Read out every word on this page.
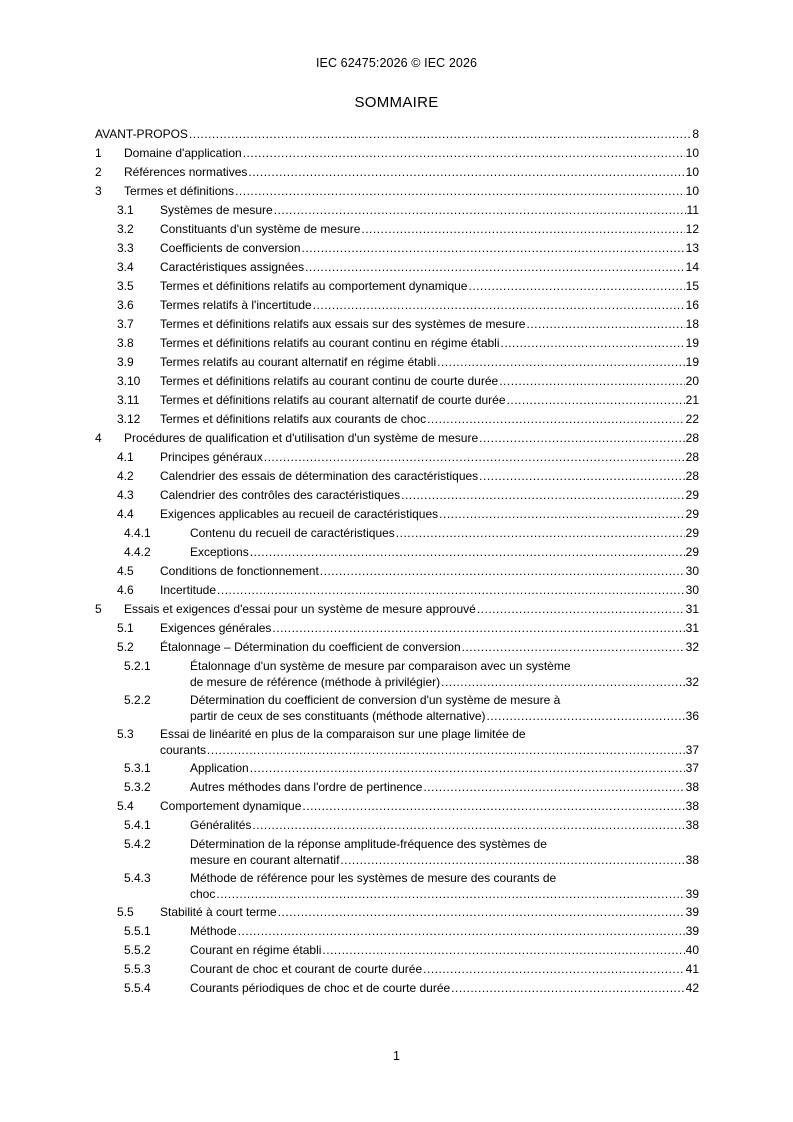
IEC 62475:2026 © IEC 2026
SOMMAIRE
AVANT-PROPOS .....	8
1 Domaine d'application .....	10
2 Références normatives .....	10
3 Termes et définitions .....	10
3.1 Systèmes de mesure .....	11
3.2 Constituants d'un système de mesure .....	12
3.3 Coefficients de conversion .....	13
3.4 Caractéristiques assignées .....	14
3.5 Termes et définitions relatifs au comportement dynamique .....	15
3.6 Termes relatifs à l'incertitude .....	16
3.7 Termes et définitions relatifs aux essais sur des systèmes de mesure .....	18
3.8 Termes et définitions relatifs au courant continu en régime établi .....	19
3.9 Termes relatifs au courant alternatif en régime établi .....	19
3.10 Termes et définitions relatifs au courant continu de courte durée .....	20
3.11 Termes et définitions relatifs au courant alternatif de courte durée .....	21
3.12 Termes et définitions relatifs aux courants de choc .....	22
4 Procédures de qualification et d'utilisation d'un système de mesure .....	28
4.1 Principes généraux .....	28
4.2 Calendrier des essais de détermination des caractéristiques .....	28
4.3 Calendrier des contrôles des caractéristiques .....	29
4.4 Exigences applicables au recueil de caractéristiques .....	29
4.4.1	Contenu du recueil de caractéristiques .....	29
4.4.2	Exceptions .....	29
4.5 Conditions de fonctionnement .....	30
4.6 Incertitude .....	30
5 Essais et exigences d'essai pour un système de mesure approuvé .....	31
5.1 Exigences générales .....	31
5.2 Étalonnage – Détermination du coefficient de conversion .....	32
5.2.1	Étalonnage d'un système de mesure par comparaison avec un système
de mesure de référence (méthode à privilégier) .....	32
5.2.2	Détermination du coefficient de conversion d'un système de mesure à
partir de ceux de ses constituants (méthode alternative) .....	36
5.3 Essai de linéarité en plus de la comparaison sur une plage limitée de
courants .....	37
5.3.1	Application .....	37
5.3.2	Autres méthodes dans l'ordre de pertinence .....	38
5.4 Comportement dynamique .....	38
5.4.1	Généralités .....	38
5.4.2	Détermination de la réponse amplitude-fréquence des systèmes de
mesure en courant alternatif .....	38
5.4.3	Méthode de référence pour les systèmes de mesure des courants de
choc .....	39
5.5 Stabilité à court terme .....	39
5.5.1	Méthode .....	39
5.5.2	Courant en régime établi .....	40
5.5.3	Courant de choc et courant de courte durée .....	41
5.5.4	Courants périodiques de choc et de courte durée .....	42
1
